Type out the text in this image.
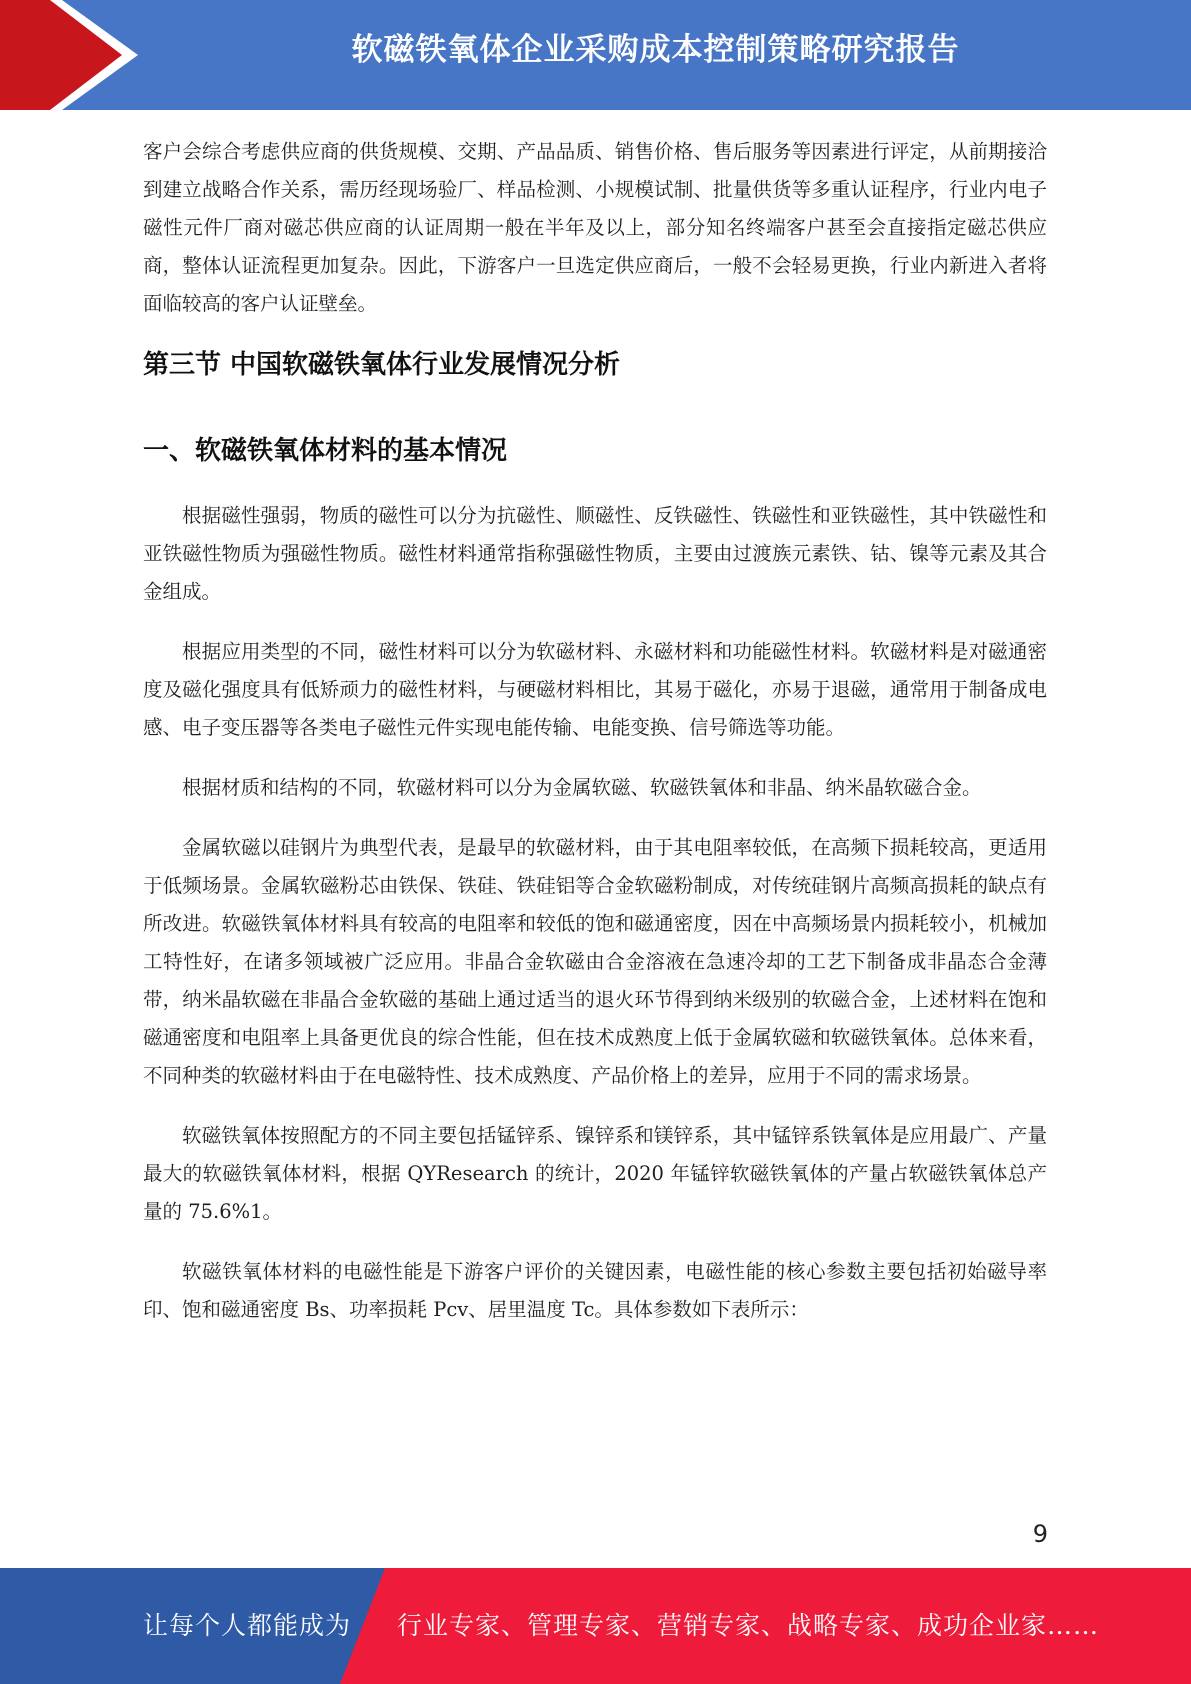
软磁铁氧体企业采购成本控制策略研究报告

客户会综合考虑供应商的供货规模、交期、产品品质、销售价格、售后服务等因素进行评定，从前期接洽到建立战略合作关系，需历经现场验厂、样品检测、小规模试制、批量供货等多重认证程序，行业内电子磁性元件厂商对磁芯供应商的认证周期一般在半年及以上，部分知名终端客户甚至会直接指定磁芯供应商，整体认证流程更加复杂。因此，下游客户一旦选定供应商后，一般不会轻易更换，行业内新进入者将面临较高的客户认证壁垒。

第三节 中国软磁铁氧体行业发展情况分析
一、软磁铁氧体材料的基本情况

根据磁性强弱，物质的磁性可以分为抗磁性、顺磁性、反铁磁性、铁磁性和亚铁磁性，其中铁磁性和亚铁磁性物质为强磁性物质。磁性材料通常指称强磁性物质，主要由过渡族元素铁、钴、镍等元素及其合金组成。

根据应用类型的不同，磁性材料可以分为软磁材料、永磁材料和功能磁性材料。软磁材料是对磁通密度及磁化强度具有低矫顽力的磁性材料，与硬磁材料相比，其易于磁化，亦易于退磁，通常用于制备成电感、电子变压器等各类电子磁性元件实现电能传输、电能变换、信号筛选等功能。

根据材质和结构的不同，软磁材料可以分为金属软磁、软磁铁氧体和非晶、纳米晶软磁合金。

金属软磁以硅钢片为典型代表，是最早的软磁材料，由于其电阻率较低，在高频下损耗较高，更适用于低频场景。金属软磁粉芯由铁保、铁硅、铁硅铝等合金软磁粉制成，对传统硅钢片高频高损耗的缺点有所改进。软磁铁氧体材料具有较高的电阻率和较低的饱和磁通密度，因在中高频场景内损耗较小，机械加工特性好，在诸多领域被广泛应用。非晶合金软磁由合金溶液在急速冷却的工艺下制备成非晶态合金薄带，纳米晶软磁在非晶合金软磁的基础上通过适当的退火环节得到纳米级别的软磁合金，上述材料在饱和磁通密度和电阻率上具备更优良的综合性能，但在技术成熟度上低于金属软磁和软磁铁氧体。总体来看，不同种类的软磁材料由于在电磁特性、技术成熟度、产品价格上的差异，应用于不同的需求场景。

软磁铁氧体按照配方的不同主要包括锰锌系、镍锌系和镁锌系，其中锰锌系铁氧体是应用最广、产量最大的软磁铁氧体材料，根据 QYResearch 的统计，2020 年锰锌软磁铁氧体的产量占软磁铁氧体总产量的 75.6%1。

软磁铁氧体材料的电磁性能是下游客户评价的关键因素，电磁性能的核心参数主要包括初始磁导率印、饱和磁通密度 Bs、功率损耗 Pcv、居里温度 Tc。具体参数如下表所示：

9
让每个人都能成为 行业专家、管理专家、营销专家、战略专家、成功企业家……
